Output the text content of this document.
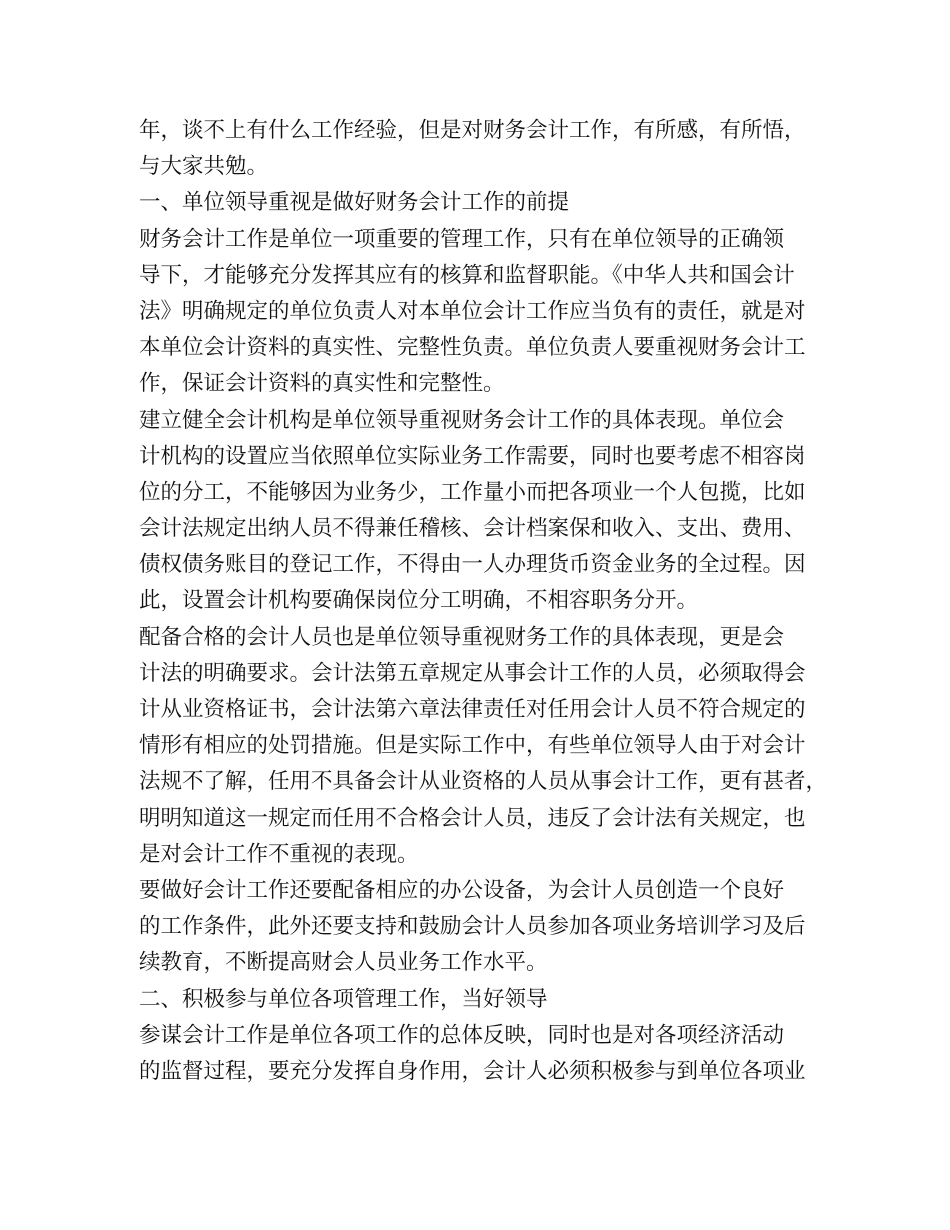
年，谈不上有什么工作经验，但是对财务会计工作，有所感，有所悟，
与大家共勉。
一、单位领导重视是做好财务会计工作的前提
财务会计工作是单位一项重要的管理工作，只有在单位领导的正确领
导下，才能够充分发挥其应有的核算和监督职能。《中华人共和国会计
法》明确规定的单位负责人对本单位会计工作应当负有的责任，就是对
本单位会计资料的真实性、完整性负责。单位负责人要重视财务会计工
作，保证会计资料的真实性和完整性。
建立健全会计机构是单位领导重视财务会计工作的具体表现。单位会
计机构的设置应当依照单位实际业务工作需要，同时也要考虑不相容岗
位的分工，不能够因为业务少，工作量小而把各项业一个人包揽，比如
会计法规定出纳人员不得兼任稽核、会计档案保和收入、支出、费用、
债权债务账目的登记工作，不得由一人办理货币资金业务的全过程。因
此，设置会计机构要确保岗位分工明确，不相容职务分开。
配备合格的会计人员也是单位领导重视财务工作的具体表现，更是会
计法的明确要求。会计法第五章规定从事会计工作的人员，必须取得会
计从业资格证书，会计法第六章法律责任对任用会计人员不符合规定的
情形有相应的处罚措施。但是实际工作中，有些单位领导人由于对会计
法规不了解，任用不具备会计从业资格的人员从事会计工作，更有甚者，
明明知道这一规定而任用不合格会计人员，违反了会计法有关规定，也
是对会计工作不重视的表现。
要做好会计工作还要配备相应的办公设备，为会计人员创造一个良好
的工作条件，此外还要支持和鼓励会计人员参加各项业务培训学习及后
续教育，不断提高财会人员业务工作水平。
二、积极参与单位各项管理工作，当好领导
参谋会计工作是单位各项工作的总体反映，同时也是对各项经济活动
的监督过程，要充分发挥自身作用，会计人必须积极参与到单位各项业
